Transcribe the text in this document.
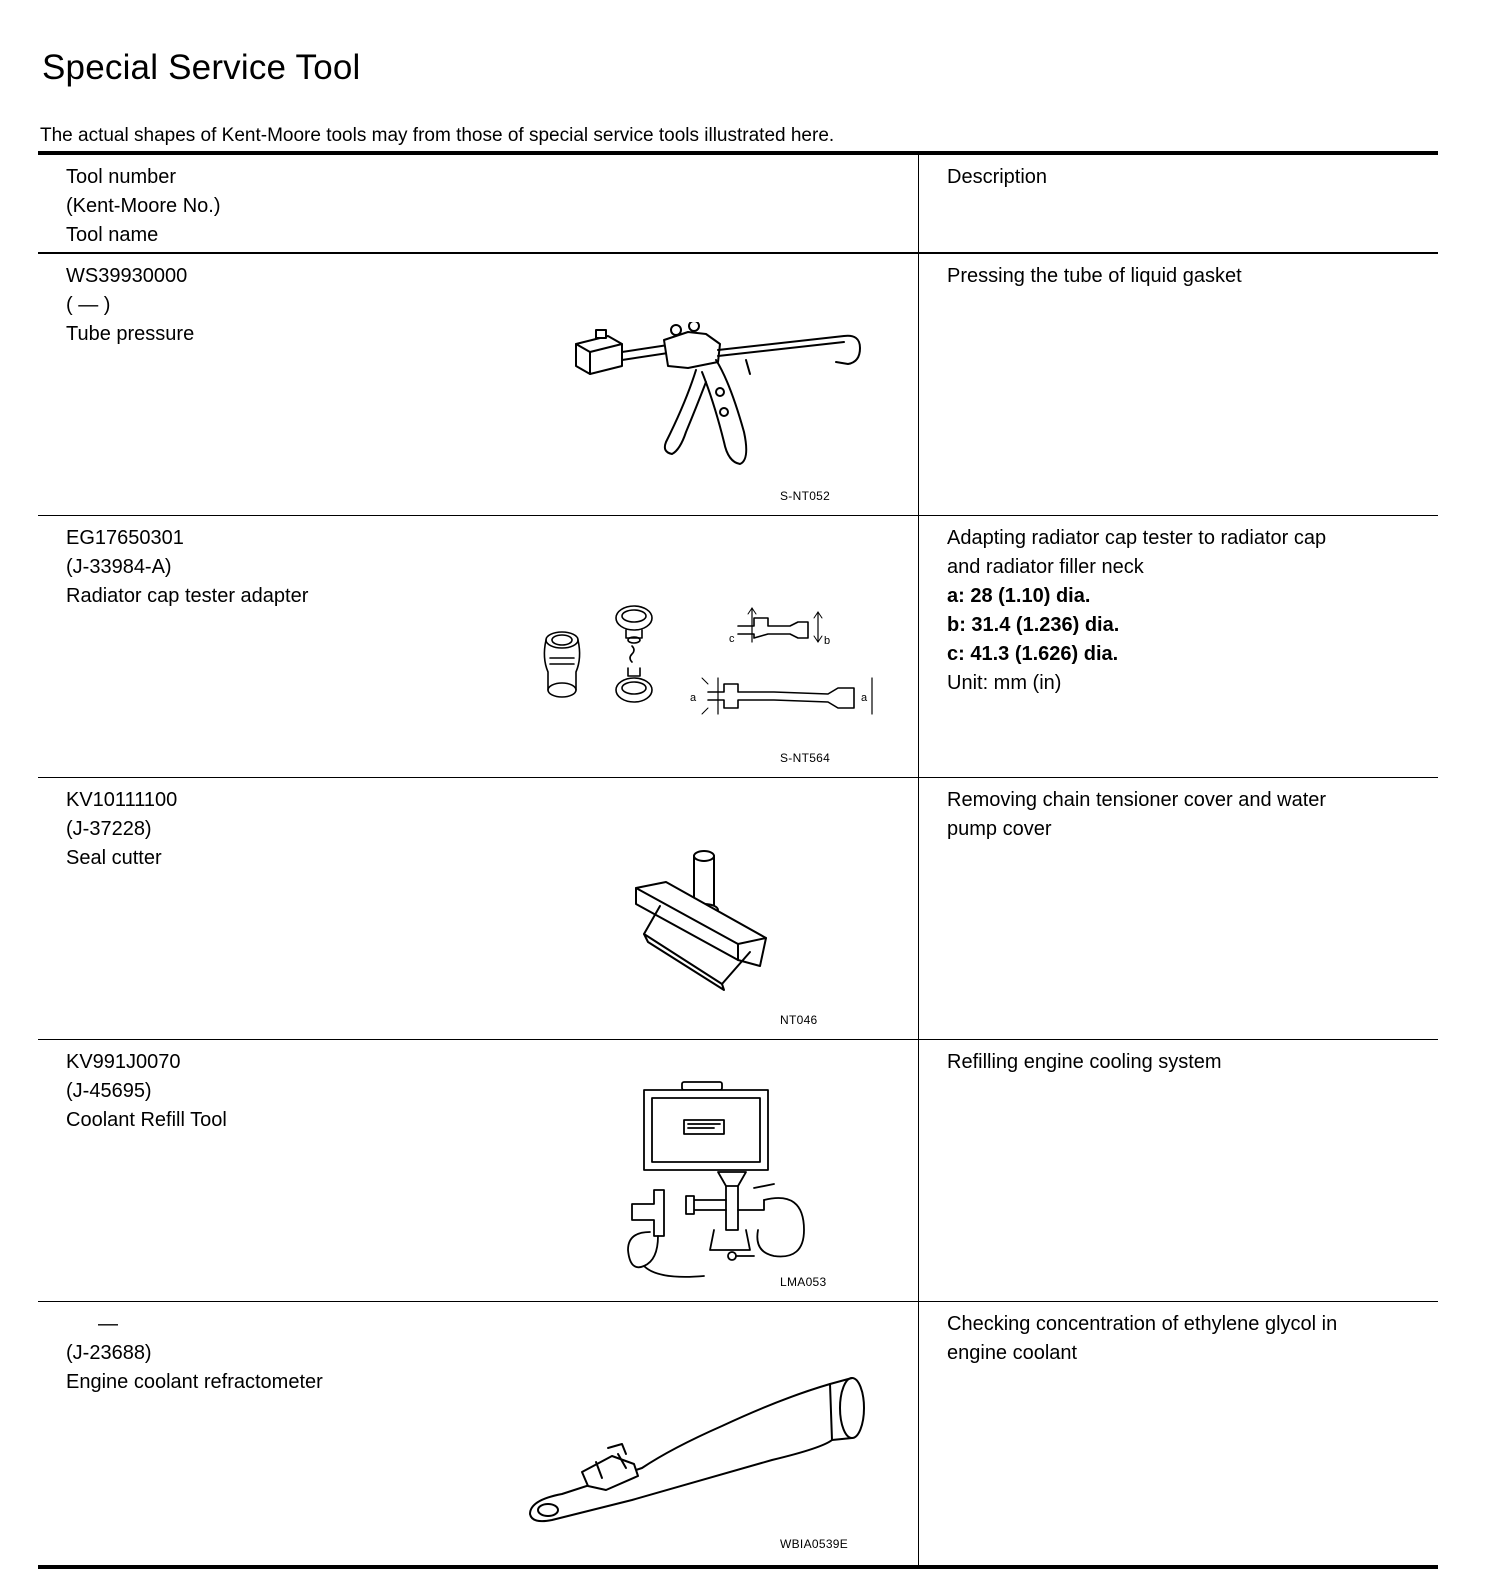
Special Service Tool
The actual shapes of Kent-Moore tools may from those of special service tools illustrated here.
Tool number
(Kent-Moore No.)
Tool name
Description
WS39930000
( — )
Tube pressure
S-NT052
Pressing the tube of liquid gasket
EG17650301
(J-33984-A)
Radiator cap tester adapter
c	b
a	a
S-NT564
Adapting radiator cap tester to radiator cap
and radiator filler neck
a: 28 (1.10) dia.
b: 31.4 (1.236) dia.
c: 41.3 (1.626) dia.
Unit: mm (in)
KV10111100
(J-37228)
Seal cutter
NT046
Removing chain tensioner cover and water
pump cover
KV991J0070
(J-45695)
Coolant Refill Tool
LMA053
Refilling engine cooling system
—
(J-23688)
Engine coolant refractometer
WBIA0539E
Checking concentration of ethylene glycol in
engine coolant
